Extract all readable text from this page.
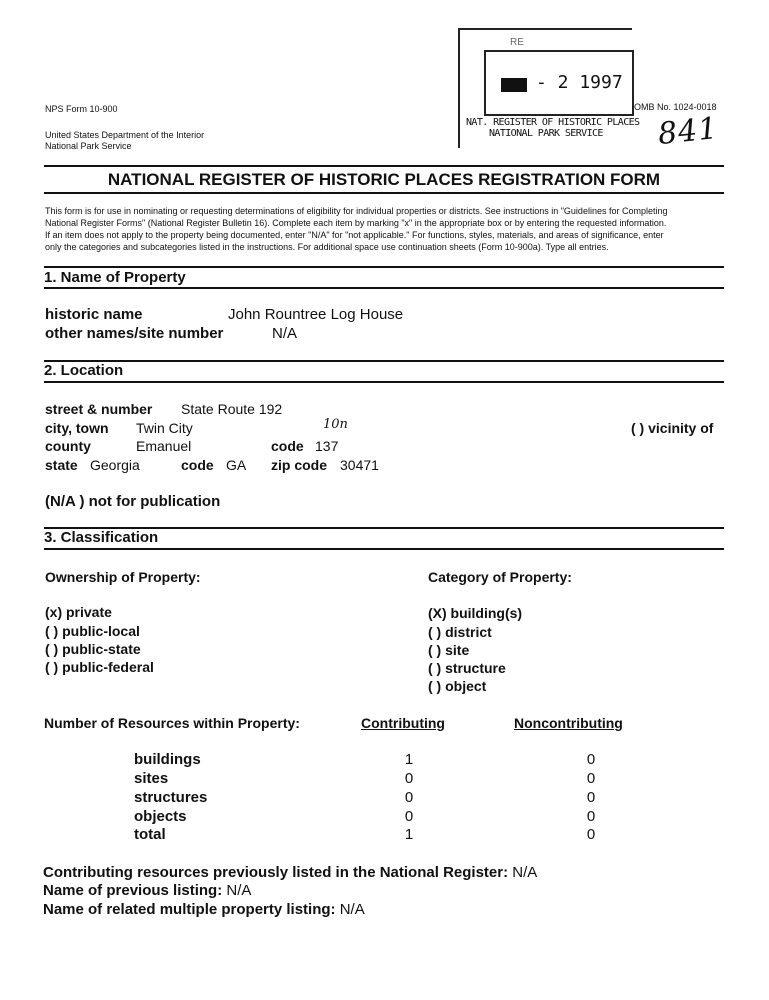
NPS Form 10-900
United States Department of the Interior
National Park Service
OMB No. 1024-0018
841
RE
- 2 1997
NAT. REGISTER OF HISTORIC PLACES
NATIONAL PARK SERVICE
NATIONAL REGISTER OF HISTORIC PLACES REGISTRATION FORM
This form is for use in nominating or requesting determinations of eligibility for individual properties or districts. See instructions in "Guidelines for Completing
National Register Forms" (National Register Bulletin 16). Complete each item by marking "x" in the appropriate box or by entering the requested information.
If an item does not apply to the property being documented, enter "N/A" for "not applicable." For functions, styles, materials, and areas of significance, enter
only the categories and subcategories listed in the instructions. For additional space use continuation sheets (Form 10-900a). Type all entries.
1. Name of Property
historic name	John Rountree Log House
other names/site number	N/A
2. Location
street & number State Route 192
city, town Twin City	10n	( ) vicinity of
county	Emanuel	code 137
state Georgia	code GA zip code 30471
(N/A ) not for publication
3. Classification
Ownership of Property:
(x) private
( ) public-local
( ) public-state
( ) public-federal
Category of Property:
(X) building(s)
( ) district
( ) site
( ) structure
( ) object
Number of Resources within Property:	Contributing	Noncontributing
buildings	1	0
sites	0	0
structures	0	0
objects	0	0
total	1	0
Contributing resources previously listed in the National Register: N/A
Name of previous listing: N/A
Name of related multiple property listing: N/A
